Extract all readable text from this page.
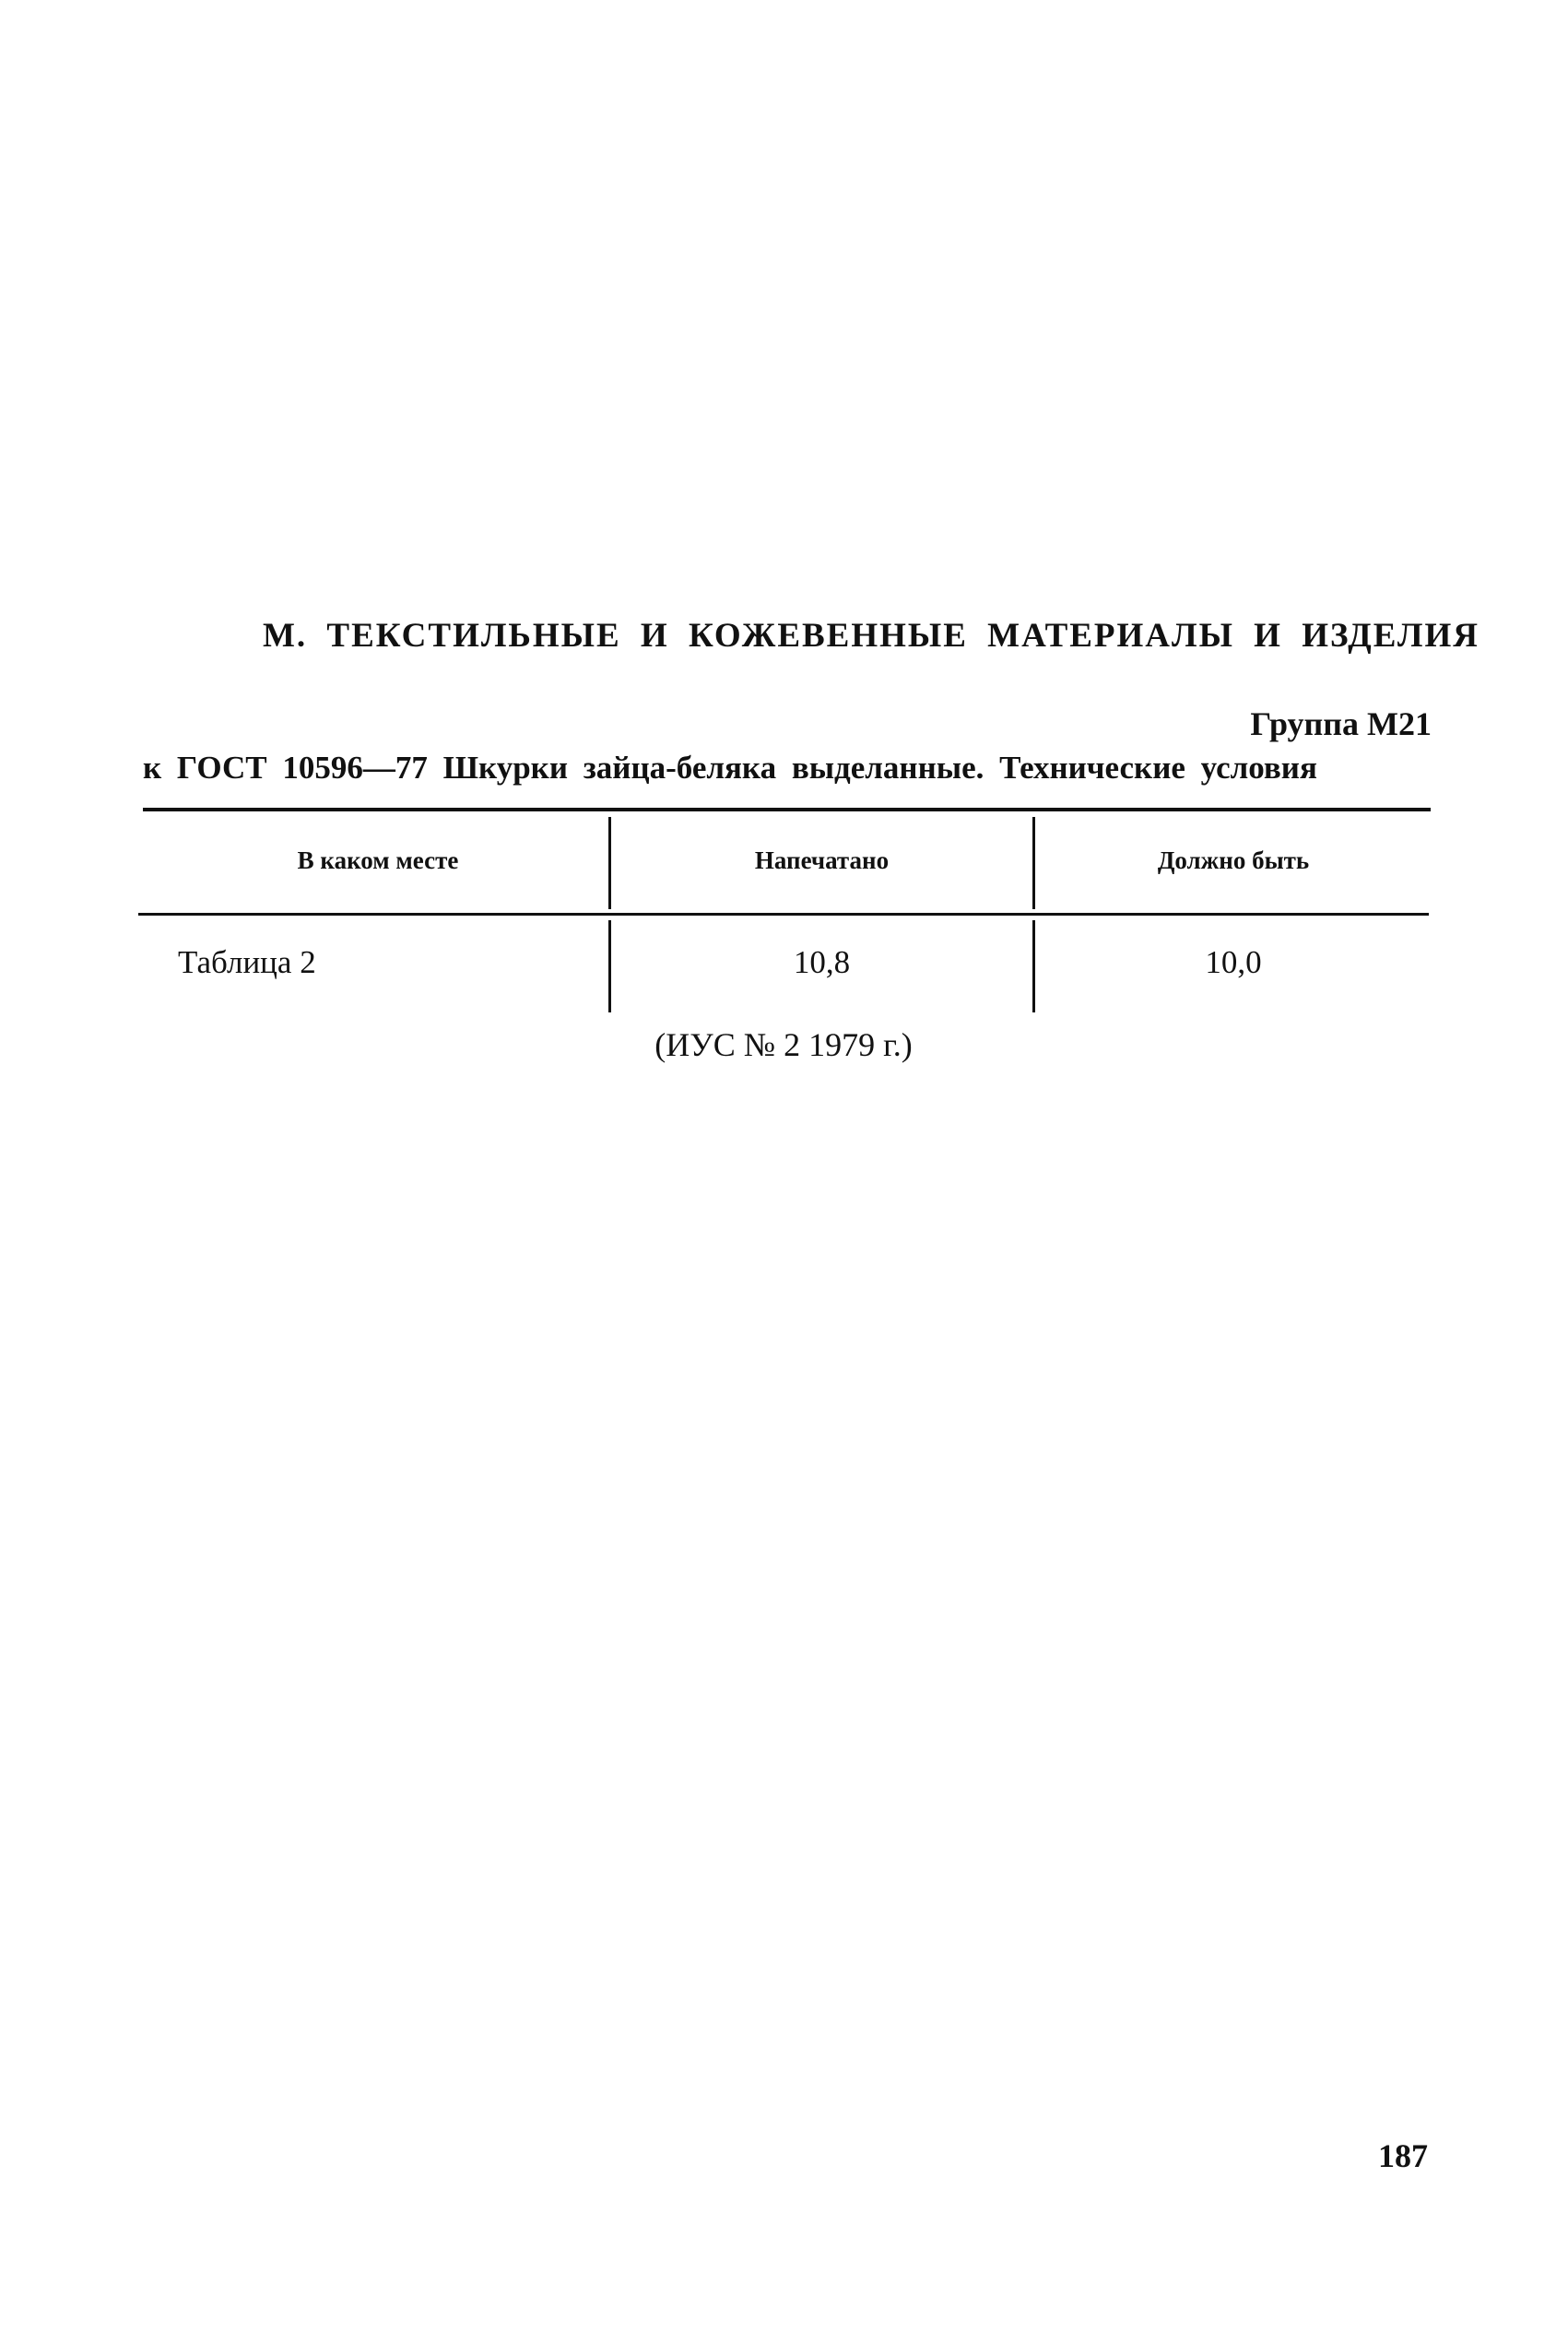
М. ТЕКСТИЛЬНЫЕ И КОЖЕВЕННЫЕ МАТЕРИАЛЫ И ИЗДЕЛИЯ
Группа М21
к ГОСТ 10596—77 Шкурки зайца-беляка выделанные. Технические условия
В каком месте	Напечатано	Должно быть
Таблица 2	10,8	10,0
(ИУС № 2 1979 г.)
187
